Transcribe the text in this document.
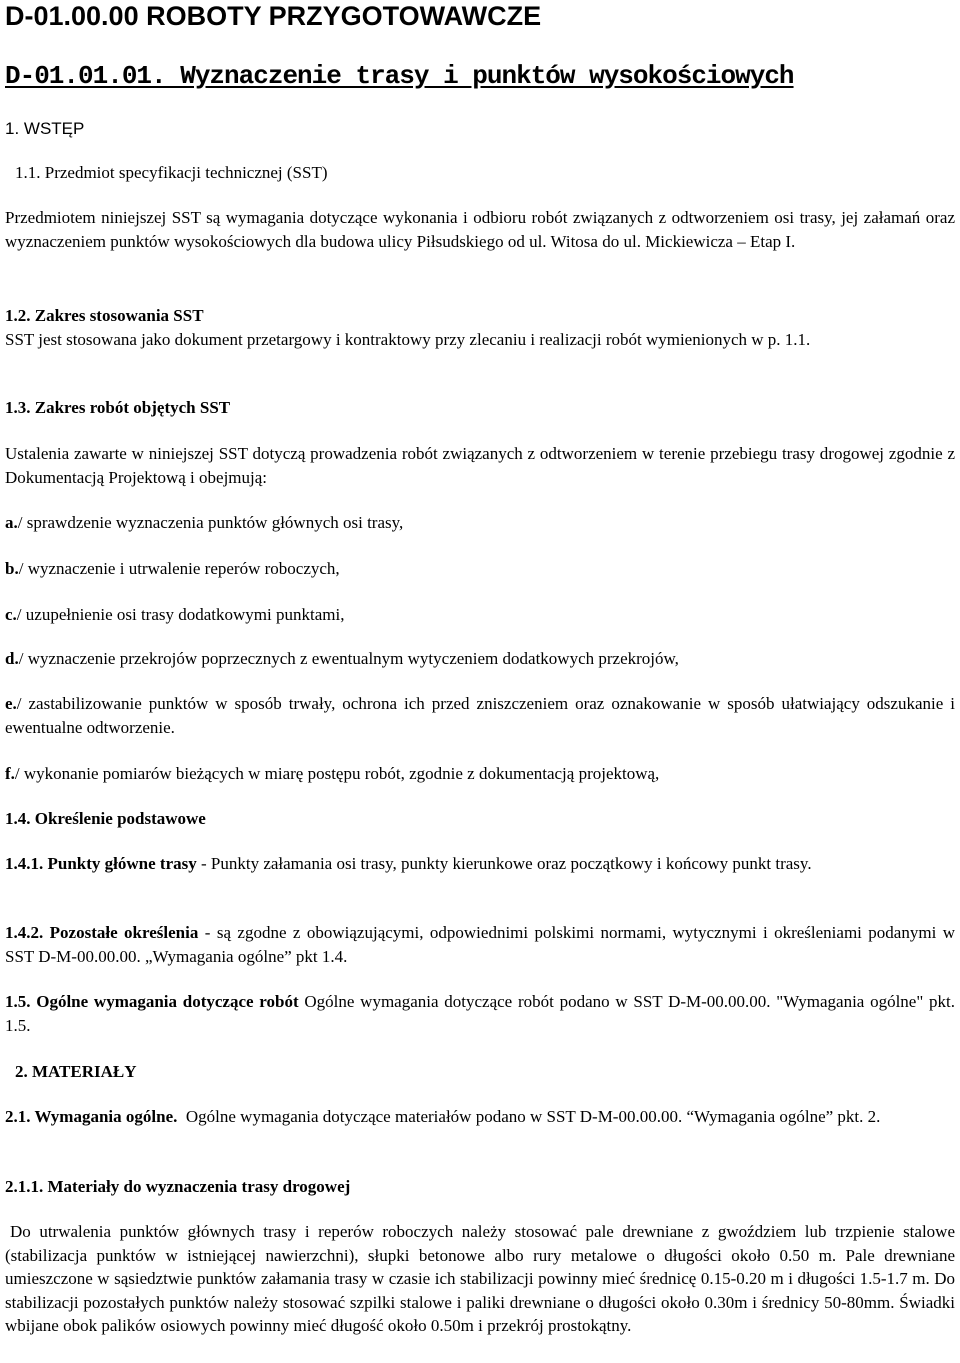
D-01.00.00 ROBOTY PRZYGOTOWAWCZE
D-01.01.01. Wyznaczenie trasy i punktów wysokościowych
1. WSTĘP
1.1. Przedmiot specyfikacji technicznej (SST)

Przedmiotem niniejszej SST są wymagania dotyczące wykonania i odbioru robót związanych z odtworzeniem osi trasy, jej załamań oraz wyznaczeniem punktów wysokościowych dla budowa ulicy Piłsudskiego od ul. Witosa do ul. Mickiewicza – Etap I.

1.2. Zakres stosowania SST

SST jest stosowana jako dokument przetargowy i kontraktowy przy zlecaniu i realizacji robót wymienionych w p. 1.1.

1.3. Zakres robót objętych SST

Ustalenia zawarte w niniejszej SST dotyczą prowadzenia robót związanych z odtworzeniem w terenie przebiegu trasy drogowej zgodnie z Dokumentacją Projektową i obejmują:

a./ sprawdzenie wyznaczenia punktów głównych osi trasy,

b./ wyznaczenie i utrwalenie reperów roboczych,

c./ uzupełnienie osi trasy dodatkowymi punktami,

d./ wyznaczenie przekrojów poprzecznych z ewentualnym wytyczeniem dodatkowych przekrojów,

e./ zastabilizowanie punktów w sposób trwały, ochrona ich przed zniszczeniem oraz oznakowanie w sposób ułatwiający odszukanie i ewentualne odtworzenie.

f./ wykonanie pomiarów bieżących w miarę postępu robót, zgodnie z dokumentacją projektową,

1.4. Określenie podstawowe

1.4.1. Punkty główne trasy - Punkty załamania osi trasy, punkty kierunkowe oraz początkowy i końcowy punkt trasy.

1.4.2. Pozostałe określenia - są zgodne z obowiązującymi, odpowiednimi polskimi normami, wytycznymi i określeniami podanymi w SST D-M-00.00.00. „Wymagania ogólne” pkt 1.4.

1.5. Ogólne wymagania dotyczące robót Ogólne wymagania dotyczące robót podano w SST D-M-00.00.00. "Wymagania ogólne" pkt. 1.5.

2. MATERIAŁY

2.1. Wymagania ogólne.  Ogólne wymagania dotyczące materiałów podano w SST D-M-00.00.00. “Wymagania ogólne” pkt. 2.

2.1.1. Materiały do wyznaczenia trasy drogowej

Do utrwalenia punktów głównych trasy i reperów roboczych należy stosować pale drewniane z gwoździem lub trzpienie stalowe (stabilizacja punktów w istniejącej nawierzchni), słupki betonowe albo rury metalowe o długości około 0.50 m. Pale drewniane umieszczone w sąsiedztwie punktów załamania trasy w czasie ich stabilizacji powinny mieć średnicę 0.15-0.20 m i długości 1.5-1.7 m. Do stabilizacji pozostałych punktów należy stosować szpilki stalowe i paliki drewniane o długości około 0.30m i średnicy 50-80mm. Świadki wbijane obok palików osiowych powinny mieć długość około 0.50m i przekrój prostokątny.
